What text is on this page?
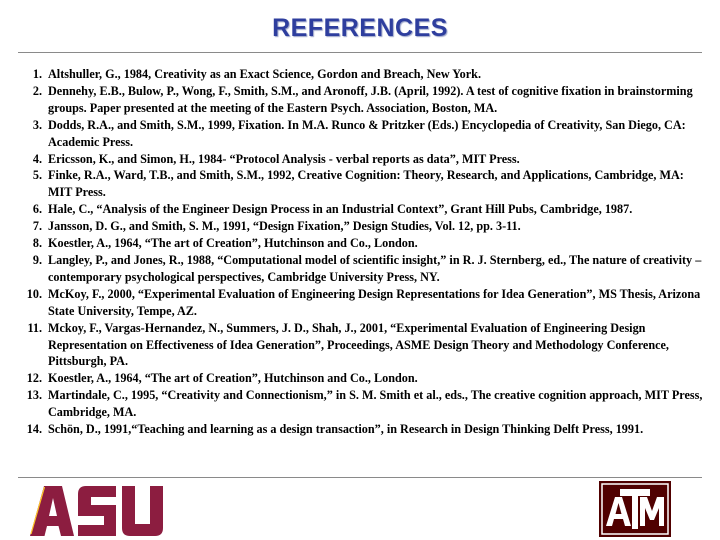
REFERENCES
1. Altshuller, G., 1984, Creativity as an Exact Science, Gordon and Breach, New York.
2. Dennehy, E.B., Bulow, P., Wong, F., Smith, S.M., and Aronoff, J.B. (April, 1992). A test of cognitive fixation in brainstorming groups. Paper presented at the meeting of the Eastern Psych. Association, Boston, MA.
3. Dodds, R.A., and Smith, S.M., 1999, Fixation. In M.A. Runco & Pritzker (Eds.) Encyclopedia of Creativity, San Diego, CA: Academic Press.
4. Ericsson, K., and Simon, H., 1984- “Protocol Analysis - verbal reports as data”, MIT Press.
5. Finke, R.A., Ward, T.B., and Smith, S.M., 1992, Creative Cognition: Theory, Research, and Applications, Cambridge, MA: MIT Press.
6. Hale, C., “Analysis of the Engineer Design Process in an Industrial Context”, Grant Hill Pubs, Cambridge, 1987.
7. Jansson, D. G., and Smith, S. M., 1991, “Design Fixation,” Design Studies, Vol. 12, pp. 3-11.
8. Koestler, A., 1964, “The art of Creation”, Hutchinson and Co., London.
9. Langley, P., and Jones, R., 1988, “Computational model of scientific insight,” in R. J. Sternberg, ed., The nature of creativity – contemporary psychological perspectives, Cambridge University Press, NY.
10. McKoy, F., 2000, “Experimental Evaluation of Engineering Design Representations for Idea Generation”, MS Thesis, Arizona State University, Tempe, AZ.
11. Mckoy, F., Vargas-Hernandez, N., Summers, J. D., Shah, J., 2001, “Experimental Evaluation of Engineering Design Representation on Effectiveness of Idea Generation”, Proceedings, ASME Design Theory and Methodology Conference, Pittsburgh, PA.
12. Koestler, A., 1964, “The art of Creation”, Hutchinson and Co., London.
13. Martindale, C., 1995, “Creativity and Connectionism,” in S. M. Smith et al., eds., The creative cognition approach, MIT Press, Cambridge, MA.
14. Schön, D., 1991,“Teaching and learning as a design transaction”, in Research in Design Thinking Delft Press, 1991.
